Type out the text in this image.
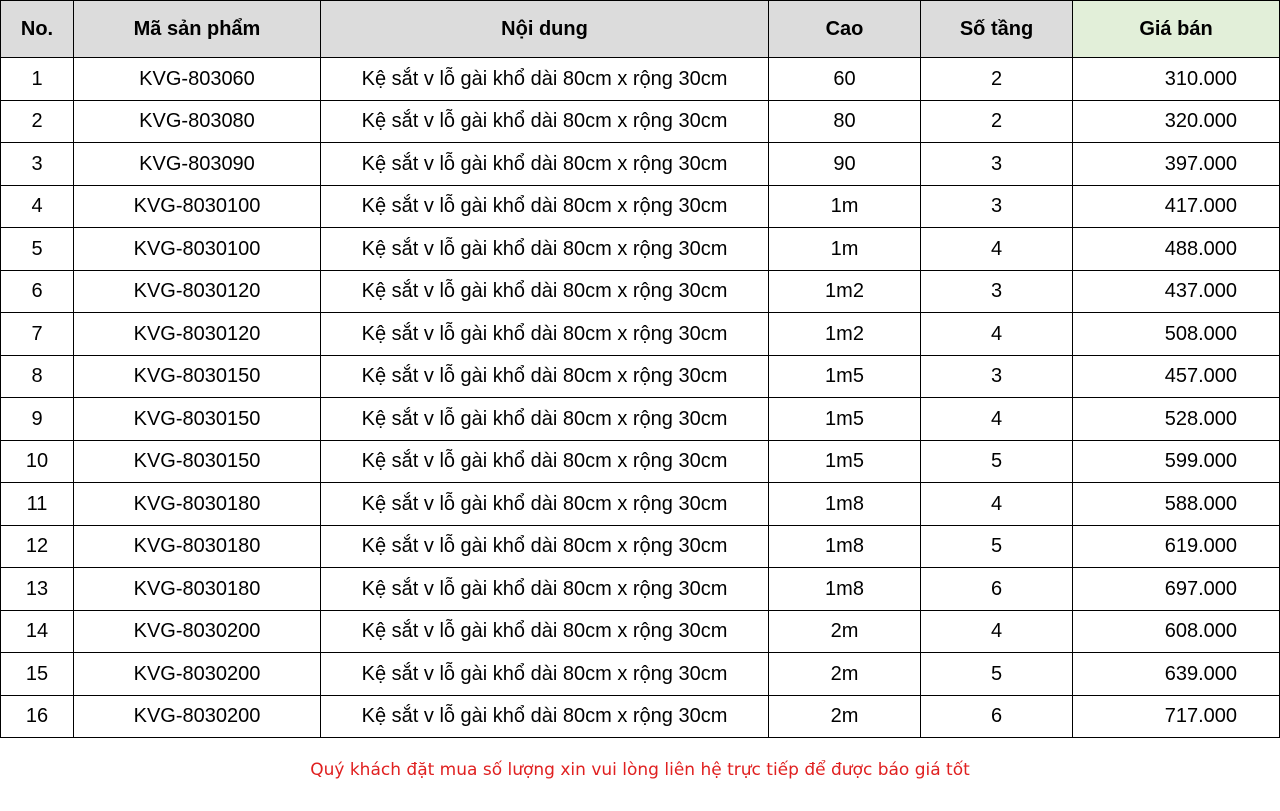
No.	Mã sản phẩm	Nội dung	Cao	Số tầng	Giá bán
1	KVG-803060	Kệ sắt v lỗ gài khổ dài 80cm x rộng 30cm	60	2	310.000
2	KVG-803080	Kệ sắt v lỗ gài khổ dài 80cm x rộng 30cm	80	2	320.000
3	KVG-803090	Kệ sắt v lỗ gài khổ dài 80cm x rộng 30cm	90	3	397.000
4	KVG-8030100	Kệ sắt v lỗ gài khổ dài 80cm x rộng 30cm	1m	3	417.000
5	KVG-8030100	Kệ sắt v lỗ gài khổ dài 80cm x rộng 30cm	1m	4	488.000
6	KVG-8030120	Kệ sắt v lỗ gài khổ dài 80cm x rộng 30cm	1m2	3	437.000
7	KVG-8030120	Kệ sắt v lỗ gài khổ dài 80cm x rộng 30cm	1m2	4	508.000
8	KVG-8030150	Kệ sắt v lỗ gài khổ dài 80cm x rộng 30cm	1m5	3	457.000
9	KVG-8030150	Kệ sắt v lỗ gài khổ dài 80cm x rộng 30cm	1m5	4	528.000
10	KVG-8030150	Kệ sắt v lỗ gài khổ dài 80cm x rộng 30cm	1m5	5	599.000
11	KVG-8030180	Kệ sắt v lỗ gài khổ dài 80cm x rộng 30cm	1m8	4	588.000
12	KVG-8030180	Kệ sắt v lỗ gài khổ dài 80cm x rộng 30cm	1m8	5	619.000
13	KVG-8030180	Kệ sắt v lỗ gài khổ dài 80cm x rộng 30cm	1m8	6	697.000
14	KVG-8030200	Kệ sắt v lỗ gài khổ dài 80cm x rộng 30cm	2m	4	608.000
15	KVG-8030200	Kệ sắt v lỗ gài khổ dài 80cm x rộng 30cm	2m	5	639.000
16	KVG-8030200	Kệ sắt v lỗ gài khổ dài 80cm x rộng 30cm	2m	6	717.000
Quý khách đặt mua số lượng xin vui lòng liên hệ trực tiếp để được báo giá tốt
